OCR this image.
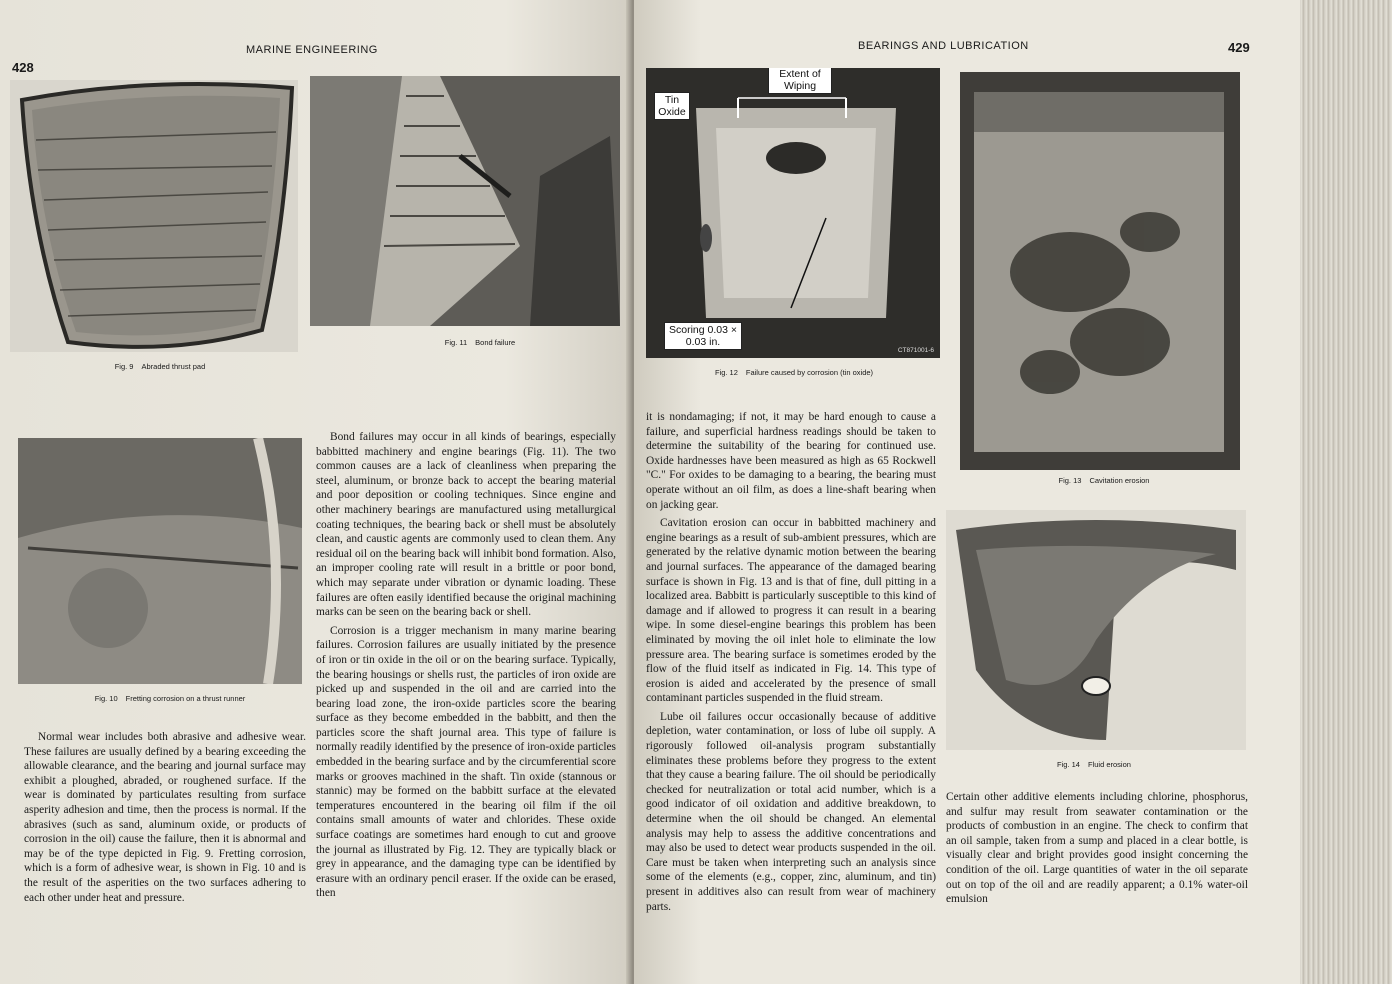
428
MARINE ENGINEERING
Fig. 9 Abraded thrust pad
Fig. 11 Bond failure
Fig. 10 Fretting corrosion on a thrust runner

Normal wear includes both abrasive and adhesive wear. These failures are usually defined by a bearing exceeding the allowable clearance, and the bearing and journal surface may exhibit a ploughed, abraded, or roughened surface. If the wear is dominated by particulates resulting from surface asperity adhesion and time, then the process is normal. If the abrasives (such as sand, aluminum oxide, or products of corrosion in the oil) cause the failure, then it is abnormal and may be of the type depicted in Fig. 9. Fretting corrosion, which is a form of adhesive wear, is shown in Fig. 10 and is the result of the asperities on the two surfaces adhering to each other under heat and pressure.

Bond failures may occur in all kinds of bearings, especially babbitted machinery and engine bearings (Fig. 11). The two common causes are a lack of cleanliness when preparing the steel, aluminum, or bronze back to accept the bearing material and poor deposition or cooling techniques. Since engine and other machinery bearings are manufactured using metallurgical coating techniques, the bearing back or shell must be absolutely clean, and caustic agents are commonly used to clean them. Any residual oil on the bearing back will inhibit bond formation. Also, an improper cooling rate will result in a brittle or poor bond, which may separate under vibration or dynamic loading. These failures are often easily identified because the original machining marks can be seen on the bearing back or shell.

Corrosion is a trigger mechanism in many marine bearing failures. Corrosion failures are usually initiated by the presence of iron or tin oxide in the oil or on the bearing surface. Typically, the bearing housings or shells rust, the particles of iron oxide are picked up and suspended in the oil and are carried into the bearing load zone, the iron-oxide particles score the bearing surface as they become embedded in the babbitt, and then the particles score the shaft journal area. This type of failure is normally readily identified by the presence of iron-oxide particles embedded in the bearing surface and by the circumferential score marks or grooves machined in the shaft. Tin oxide (stannous or stannic) may be formed on the babbitt surface at the elevated temperatures encountered in the bearing oil film if the oil contains small amounts of water and chlorides. These oxide surface coatings are sometimes hard enough to cut and groove the journal as illustrated by Fig. 12. They are typically black or grey in appearance, and the damaging type can be identified by erasure with an ordinary pencil eraser. If the oxide can be erased, then

BEARINGS AND LUBRICATION	429
Extent of Wiping
Tin Oxide
Scoring 0.03 × 0.03 in.
CT871001-6
Fig. 12 Failure caused by corrosion (tin oxide)
Fig. 13 Cavitation erosion
Fig. 14 Fluid erosion

it is nondamaging; if not, it may be hard enough to cause a failure, and superficial hardness readings should be taken to determine the suitability of the bearing for continued use. Oxide hardnesses have been measured as high as 65 Rockwell "C." For oxides to be damaging to a bearing, the bearing must operate without an oil film, as does a line-shaft bearing when on jacking gear.

Cavitation erosion can occur in babbitted machinery and engine bearings as a result of sub-ambient pressures, which are generated by the relative dynamic motion between the bearing and journal surfaces. The appearance of the damaged bearing surface is shown in Fig. 13 and is that of fine, dull pitting in a localized area. Babbitt is particularly susceptible to this kind of damage and if allowed to progress it can result in a bearing wipe. In some diesel-engine bearings this problem has been eliminated by moving the oil inlet hole to eliminate the low pressure area. The bearing surface is sometimes eroded by the flow of the fluid itself as indicated in Fig. 14. This type of erosion is aided and accelerated by the presence of small contaminant particles suspended in the fluid stream.

Lube oil failures occur occasionally because of additive depletion, water contamination, or loss of lube oil supply. A rigorously followed oil-analysis program substantially eliminates these problems before they progress to the extent that they cause a bearing failure. The oil should be periodically checked for neutralization or total acid number, which is a good indicator of oil oxidation and additive breakdown, to determine when the oil should be changed. An elemental analysis may help to assess the additive concentrations and may also be used to detect wear products suspended in the oil. Care must be taken when interpreting such an analysis since some of the elements (e.g., copper, zinc, aluminum, and tin) present in additives also can result from wear of machinery parts.

Certain other additive elements including chlorine, phosphorus, and sulfur may result from seawater contamination or the products of combustion in an engine. The check to confirm that an oil sample, taken from a sump and placed in a clear bottle, is visually clear and bright provides good insight concerning the condition of the oil. Large quantities of water in the oil separate out on top of the oil and are readily apparent; a 0.1% water-oil emulsion
